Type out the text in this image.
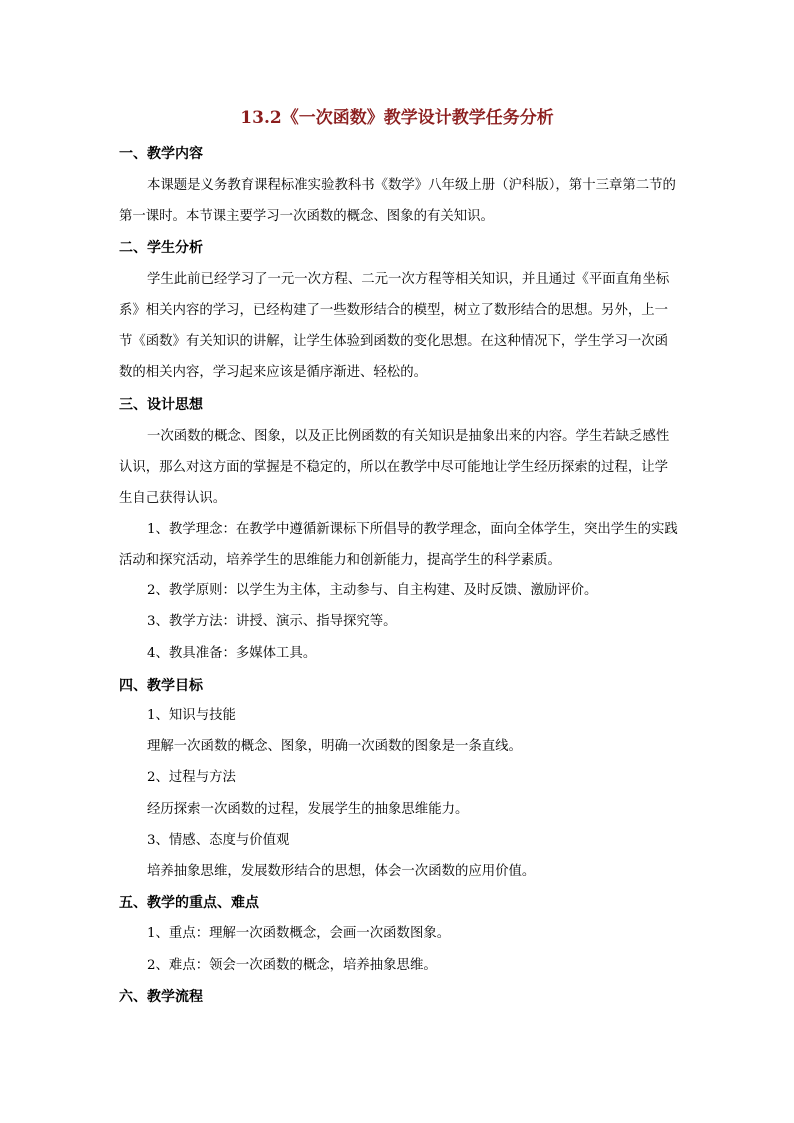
13.2《一次函数》教学设计教学任务分析
一、教学内容
本课题是义务教育课程标准实验教科书《数学》八年级上册（沪科版），第十三章第二节的第一课时。本节课主要学习一次函数的概念、图象的有关知识。
二、学生分析
学生此前已经学习了一元一次方程、二元一次方程等相关知识，并且通过《平面直角坐标系》相关内容的学习，已经构建了一些数形结合的模型，树立了数形结合的思想。另外，上一节《函数》有关知识的讲解，让学生体验到函数的变化思想。在这种情况下，学生学习一次函数的相关内容，学习起来应该是循序渐进、轻松的。
三、设计思想
一次函数的概念、图象，以及正比例函数的有关知识是抽象出来的内容。学生若缺乏感性认识，那么对这方面的掌握是不稳定的，所以在教学中尽可能地让学生经历探索的过程，让学生自己获得认识。
1、教学理念：在教学中遵循新课标下所倡导的教学理念，面向全体学生，突出学生的实践活动和探究活动，培养学生的思维能力和创新能力，提高学生的科学素质。
2、教学原则：以学生为主体，主动参与、自主构建、及时反馈、激励评价。
3、教学方法：讲授、演示、指导探究等。
4、教具准备：多媒体工具。
四、教学目标
1、知识与技能
理解一次函数的概念、图象，明确一次函数的图象是一条直线。
2、过程与方法
经历探索一次函数的过程，发展学生的抽象思维能力。
3、情感、态度与价值观
培养抽象思维，发展数形结合的思想，体会一次函数的应用价值。
五、教学的重点、难点
1、重点：理解一次函数概念，会画一次函数图象。
2、难点：领会一次函数的概念，培养抽象思维。
六、教学流程
